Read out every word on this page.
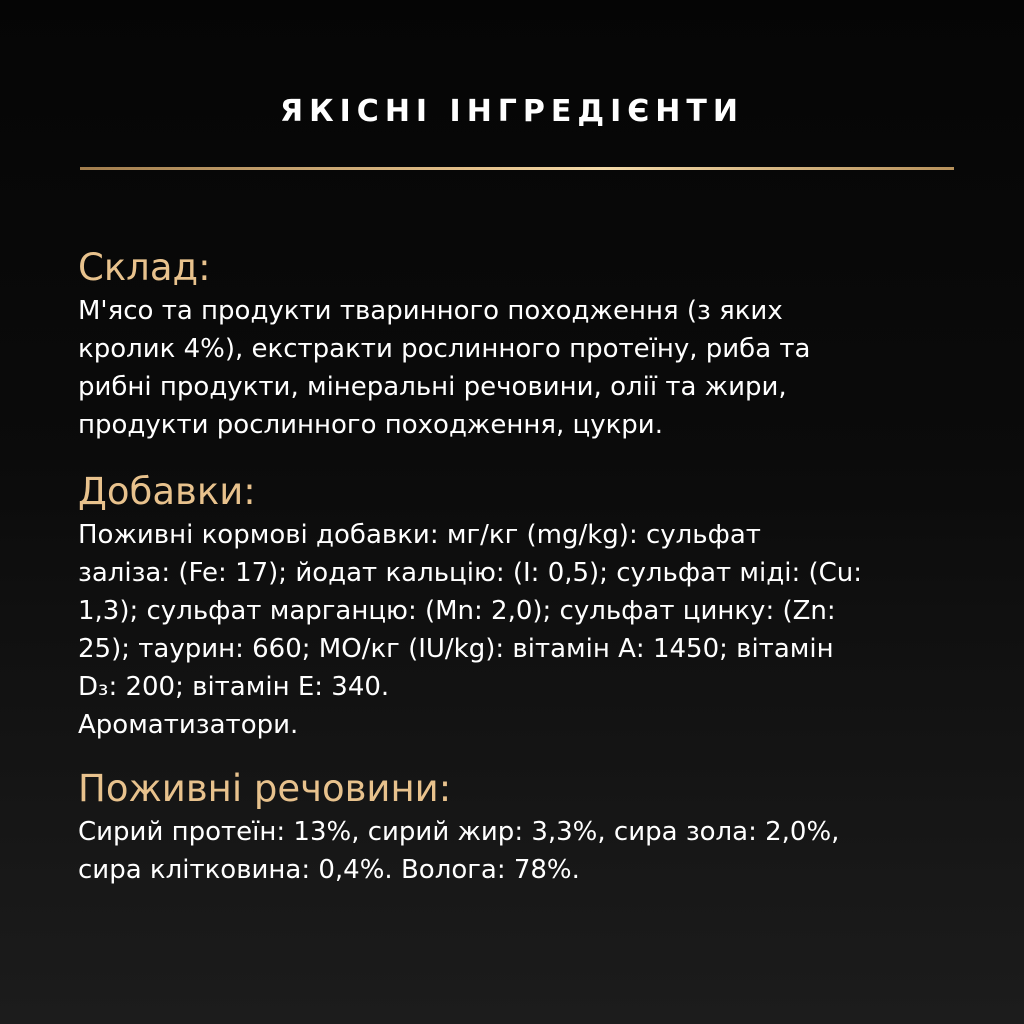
ЯКІСНІ ІНГРЕДІЄНТИ
Склад:
М'ясо та продукти тваринного походження (з яких
кролик 4%), екстракти рослинного протеїну, риба та
рибні продукти, мінеральні речовини, олії та жири,
продукти рослинного походження, цукри.
Добавки:
Поживні кормові добавки: мг/кг (mg/kg): сульфат
заліза: (Fe: 17); йодат кальцію: (I: 0,5); сульфат міді: (Cu:
1,3); сульфат марганцю: (Mn: 2,0); сульфат цинку: (Zn:
25); таурин: 660; МО/кг (IU/kg): вітамін А: 1450; вітамін
D₃: 200; вітамін Е: 340.
Ароматизатори.
Поживні речовини:
Сирий протеїн: 13%, сирий жир: 3,3%, сира зола: 2,0%,
сира клітковина: 0,4%. Волога: 78%.
